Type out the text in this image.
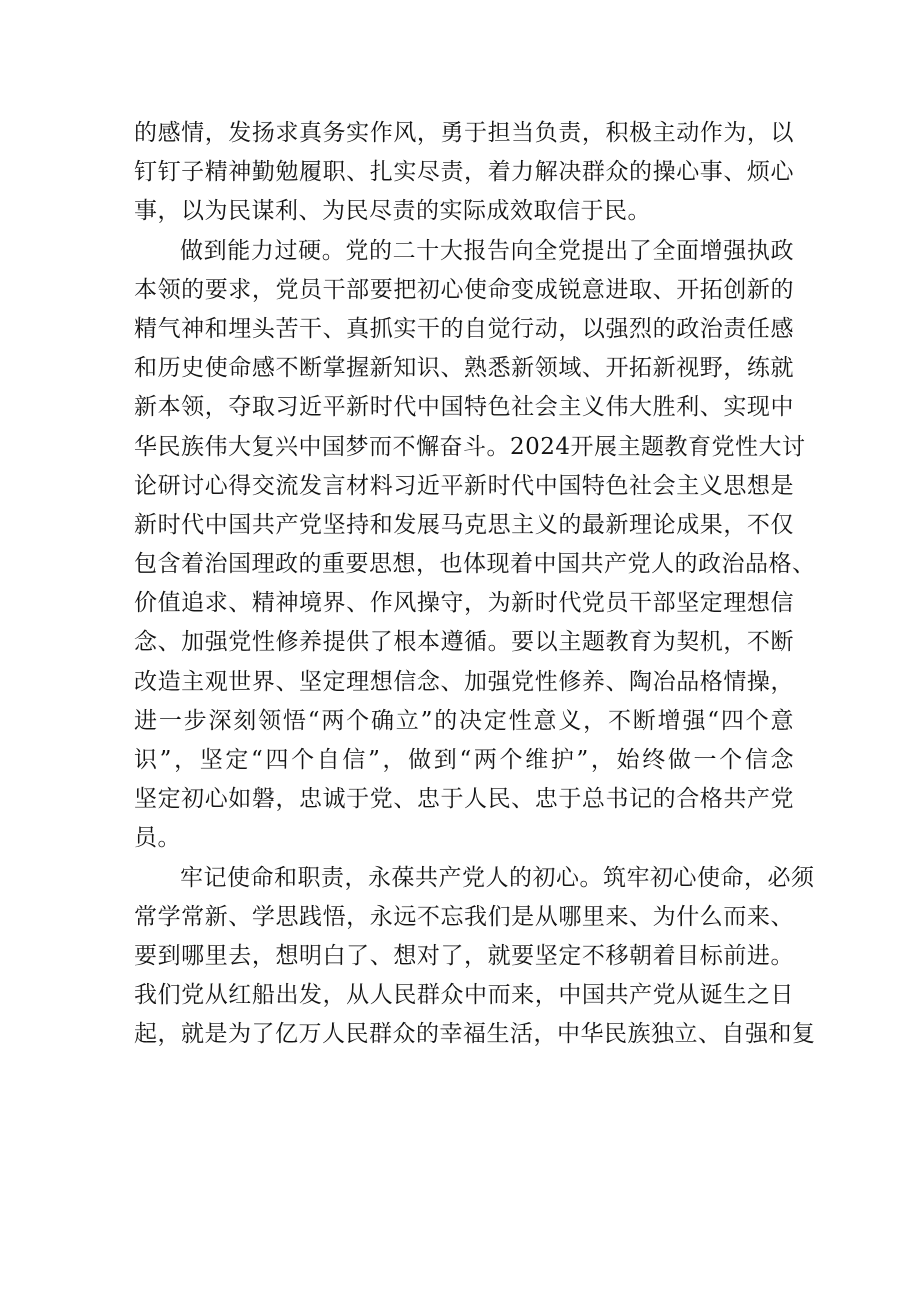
的感情，发扬求真务实作风，勇于担当负责，积极主动作为，以
钉钉子精神勤勉履职、扎实尽责，着力解决群众的操心事、烦心
事，以为民谋利、为民尽责的实际成效取信于民。
做到能力过硬。党的二十大报告向全党提出了全面增强执政
本领的要求，党员干部要把初心使命变成锐意进取、开拓创新的
精气神和埋头苦干、真抓实干的自觉行动，以强烈的政治责任感
和历史使命感不断掌握新知识、熟悉新领域、开拓新视野，练就
新本领，夺取习近平新时代中国特色社会主义伟大胜利、实现中
华民族伟大复兴中国梦而不懈奋斗。2024开展主题教育党性大讨
论研讨心得交流发言材料习近平新时代中国特色社会主义思想是
新时代中国共产党坚持和发展马克思主义的最新理论成果，不仅
包含着治国理政的重要思想，也体现着中国共产党人的政治品格、
价值追求、精神境界、作风操守，为新时代党员干部坚定理想信
念、加强党性修养提供了根本遵循。要以主题教育为契机，不断
改造主观世界、坚定理想信念、加强党性修养、陶冶品格情操，
进一步深刻领悟“两个确立”的决定性意义，不断增强“四个意
识”，坚定“四个自信”，做到“两个维护”，始终做一个信念
坚定初心如磐，忠诚于党、忠于人民、忠于总书记的合格共产党
员。
牢记使命和职责，永葆共产党人的初心。筑牢初心使命，必须
常学常新、学思践悟，永远不忘我们是从哪里来、为什么而来、
要到哪里去，想明白了、想对了，就要坚定不移朝着目标前进。
我们党从红船出发，从人民群众中而来，中国共产党从诞生之日
起，就是为了亿万人民群众的幸福生活，中华民族独立、自强和复
